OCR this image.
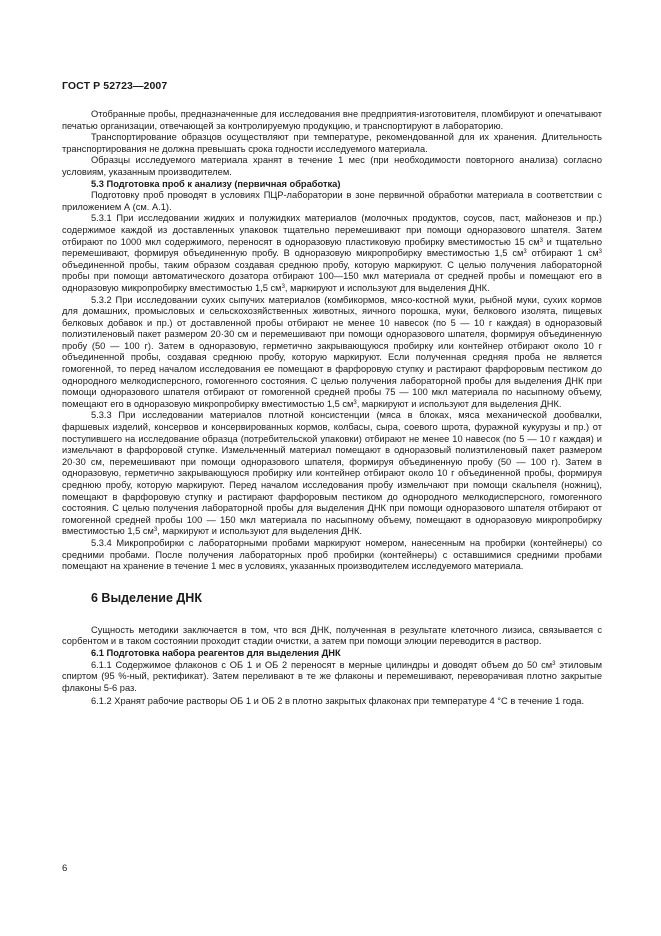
ГОСТ Р 52723—2007

Отобранные пробы, предназначенные для исследования вне предприятия-изготовителя, пломбируют и опечатывают печатью организации, отвечающей за контролируемую продукцию, и транспортируют в лабораторию.

Транспортирование образцов осуществляют при температуре, рекомендованной для их хранения. Длительность транспортирования не должна превышать срока годности исследуемого материала.

Образцы исследуемого материала хранят в течение 1 мес (при необходимости повторного анализа) согласно условиям, указанным производителем.

5.3 Подготовка проб к анализу (первичная обработка)

Подготовку проб проводят в условиях ПЦР-лаборатории в зоне первичной обработки материала в соответствии с приложением А (см. А.1).

5.3.1 При исследовании жидких и полужидких материалов (молочных продуктов, соусов, паст, майонезов и пр.) содержимое каждой из доставленных упаковок тщательно перемешивают при помощи одноразового шпателя. Затем отбирают по 1000 мкл содержимого, переносят в одноразовую пластиковую пробирку вместимостью 15 $см^3$ и тщательно перемешивают, формируя объединенную пробу. В одноразовую микропробирку вместимостью 1,5 $см^3$ отбирают 1 $см^3$ объединенной пробы, таким образом создавая среднюю пробу, которую маркируют. С целью получения лабораторной пробы при помощи автоматического дозатора отбирают 100—150 мкл материала от средней пробы и помещают его в одноразовую микропробирку вместимостью 1,5 $см^3$, маркируют и используют для выделения ДНК.

5.3.2 При исследовании сухих сыпучих материалов (комбикормов, мясо-костной муки, рыбной муки, сухих кормов для домашних, промысловых и сельскохозяйственных животных, яичного порошка, муки, белкового изолята, пищевых белковых добавок и пр.) от доставленной пробы отбирают не менее 10 навесок (по 5 — 10 г каждая) в одноразовый полиэтиленовый пакет размером 20·30 см и перемешивают при помощи одноразового шпателя, формируя объединенную пробу (50 — 100 г). Затем в одноразовую, герметично закрывающуюся пробирку или контейнер отбирают около 10 г объединенной пробы, создавая среднюю пробу, которую маркируют. Если полученная средняя проба не является гомогенной, то перед началом исследования ее помещают в фарфоровую ступку и растирают фарфоровым пестиком до однородного мелкодисперсного, гомогенного состояния. С целью получения лабораторной пробы для выделения ДНК при помощи одноразового шпателя отбирают от гомогенной средней пробы 75 — 100 мкл материала по насыпному объему, помещают его в одноразовую микропробирку вместимостью 1,5 $см^3$, маркируют и используют для выделения ДНК.

5.3.3 При исследовании материалов плотной консистенции (мяса в блоках, мяса механической дообвалки, фаршевых изделий, консервов и консервированных кормов, колбасы, сыра, соевого шрота, фуражной кукурузы и пр.) от поступившего на исследование образца (потребительской упаковки) отбирают не менее 10 навесок (по 5 — 10 г каждая) и измельчают в фарфоровой ступке. Измельченный материал помещают в одноразовый полиэтиленовый пакет размером 20·30 см, перемешивают при помощи одноразового шпателя, формируя объединенную пробу (50 — 100 г). Затем в одноразовую, герметично закрывающуюся пробирку или контейнер отбирают около 10 г объединенной пробы, формируя среднюю пробу, которую маркируют. Перед началом исследования пробу измельчают при помощи скальпеля (ножниц), помещают в фарфоровую ступку и растирают фарфоровым пестиком до однородного мелкодисперсного, гомогенного состояния. С целью получения лабораторной пробы для выделения ДНК при помощи одноразового шпателя отбирают от гомогенной средней пробы 100 — 150 мкл материала по насыпному объему, помещают в одноразовую микропробирку вместимостью 1,5 $см^3$, маркируют и используют для выделения ДНК.

5.3.4 Микропробирки с лабораторными пробами маркируют номером, нанесенным на пробирки (контейнеры) со средними пробами. После получения лабораторных проб пробирки (контейнеры) с оставшимися средними пробами помещают на хранение в течение 1 мес в условиях, указанных производителем исследуемого материала.

6 Выделение ДНК

Сущность методики заключается в том, что вся ДНК, полученная в результате клеточного лизиса, связывается с сорбентом и в таком состоянии проходит стадии очистки, а затем при помощи элюции переводится в раствор.

6.1 Подготовка набора реагентов для выделения ДНК

6.1.1 Содержимое флаконов с ОБ 1 и ОБ 2 переносят в мерные цилиндры и доводят объем до 50 $см^3$ этиловым спиртом (95 %-ный, ректификат). Затем переливают в те же флаконы и перемешивают, переворачивая плотно закрытые флаконы 5-6 раз.

6.1.2 Хранят рабочие растворы ОБ 1 и ОБ 2 в плотно закрытых флаконах при температуре 4 °С в течение 1 года.

6
